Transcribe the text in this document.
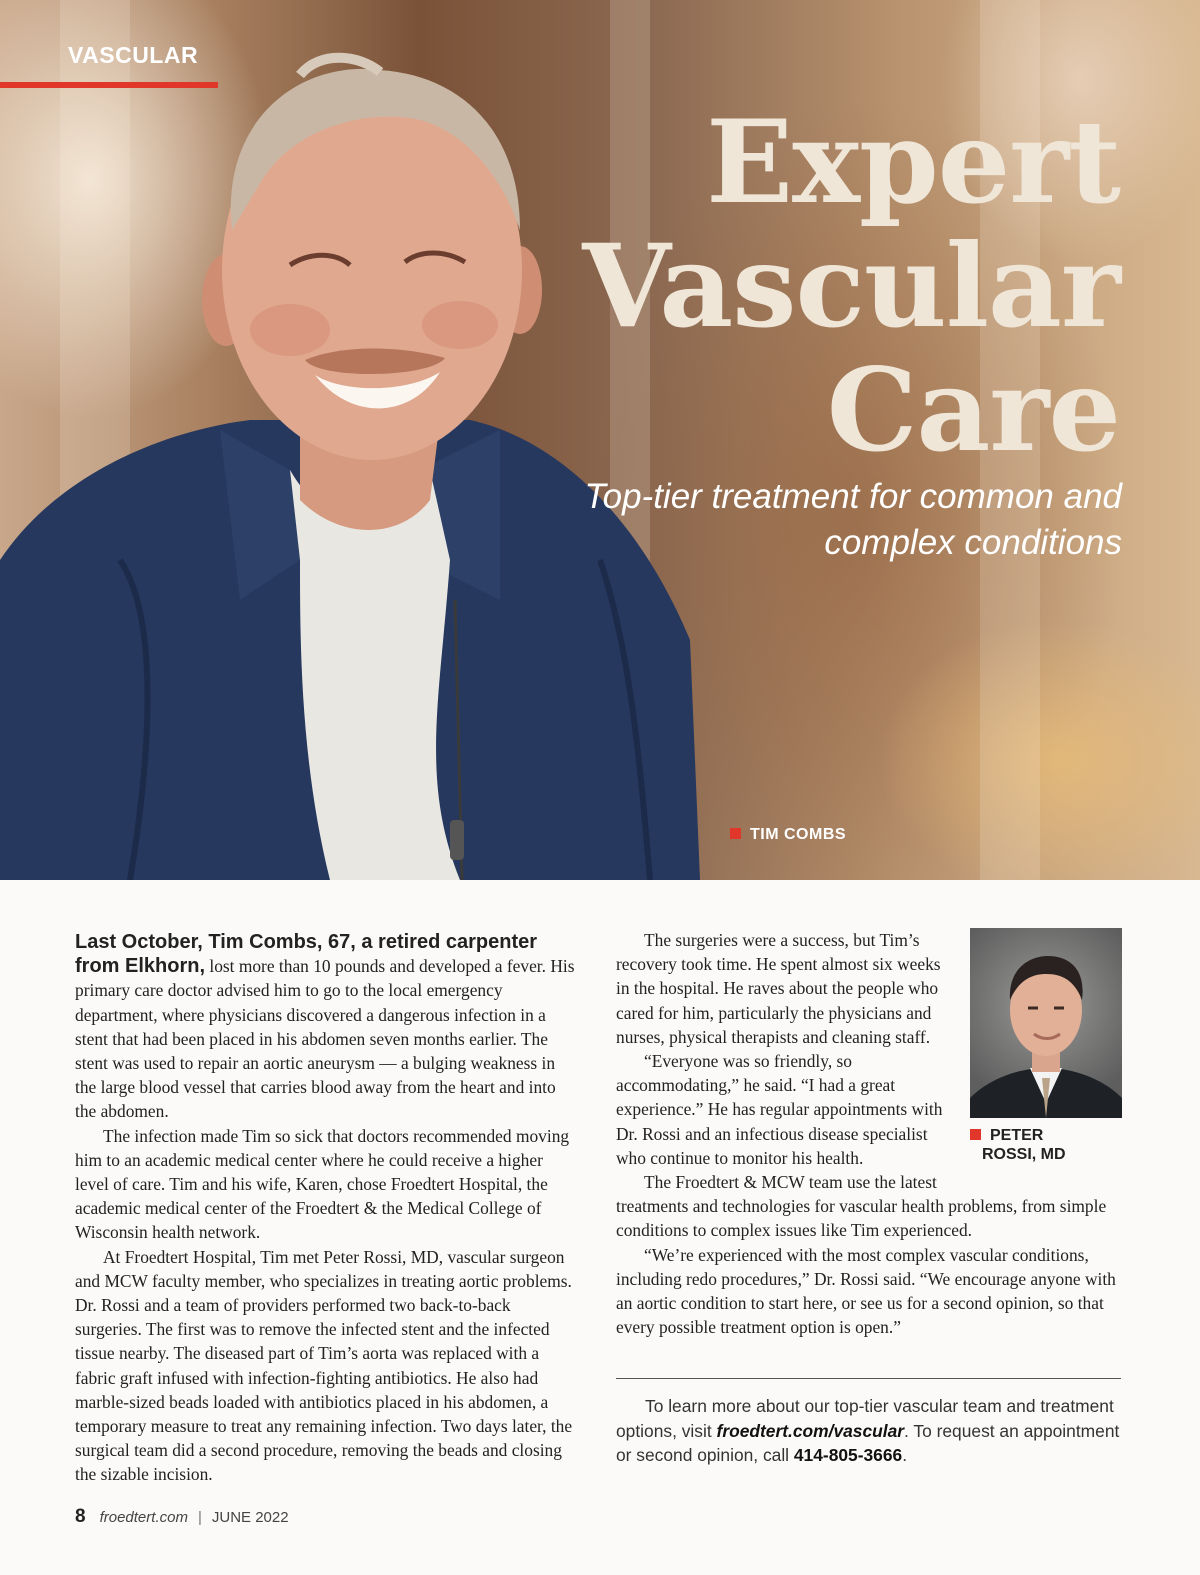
VASCULAR
Expert
Vascular
Care
Top-tier treatment for common and complex conditions
TIM COMBS

Last October, Tim Combs, 67, a retired carpenter from Elkhorn, lost more than 10 pounds and developed a fever. His primary care doctor advised him to go to the local emergency department, where physicians discovered a dangerous infection in a stent that had been placed in his abdomen seven months earlier. The stent was used to repair an aortic aneurysm — a bulging weakness in the large blood vessel that carries blood away from the heart and into the abdomen.

The infection made Tim so sick that doctors recommended moving him to an academic medical center where he could receive a higher level of care. Tim and his wife, Karen, chose Froedtert Hospital, the academic medical center of the Froedtert & the Medical College of Wisconsin health network.

At Froedtert Hospital, Tim met Peter Rossi, MD, vascular surgeon and MCW faculty member, who specializes in treating aortic problems. Dr. Rossi and a team of providers performed two back-to-back surgeries. The first was to remove the infected stent and the infected tissue nearby. The diseased part of Tim’s aorta was replaced with a fabric graft infused with infection-fighting antibiotics. He also had marble-sized beads loaded with antibiotics placed in his abdomen, a temporary measure to treat any remaining infection. Two days later, the surgical team did a second procedure, removing the beads and closing the sizable incision.

PETER
ROSSI, MD

The surgeries were a success, but Tim’s recovery took time. He spent almost six weeks in the hospital. He raves about the people who cared for him, particularly the physicians and nurses, physical therapists and cleaning staff.

“Everyone was so friendly, so accommodating,” he said. “I had a great experience.” He has regular appointments with Dr. Rossi and an infectious disease specialist who continue to monitor his health.

The Froedtert & MCW team use the latest treatments and technologies for vascular health problems, from simple conditions to complex issues like Tim experienced.

“We’re experienced with the most complex vascular conditions, including redo procedures,” Dr. Rossi said. “We encourage anyone with an aortic condition to start here, or see us for a second opinion, so that every possible treatment option is open.”

To learn more about our top-tier vascular team and treatment options, visit froedtert.com/vascular. To request an appointment or second opinion, call 414-805-3666.
8 froedtert.com | JUNE 2022
